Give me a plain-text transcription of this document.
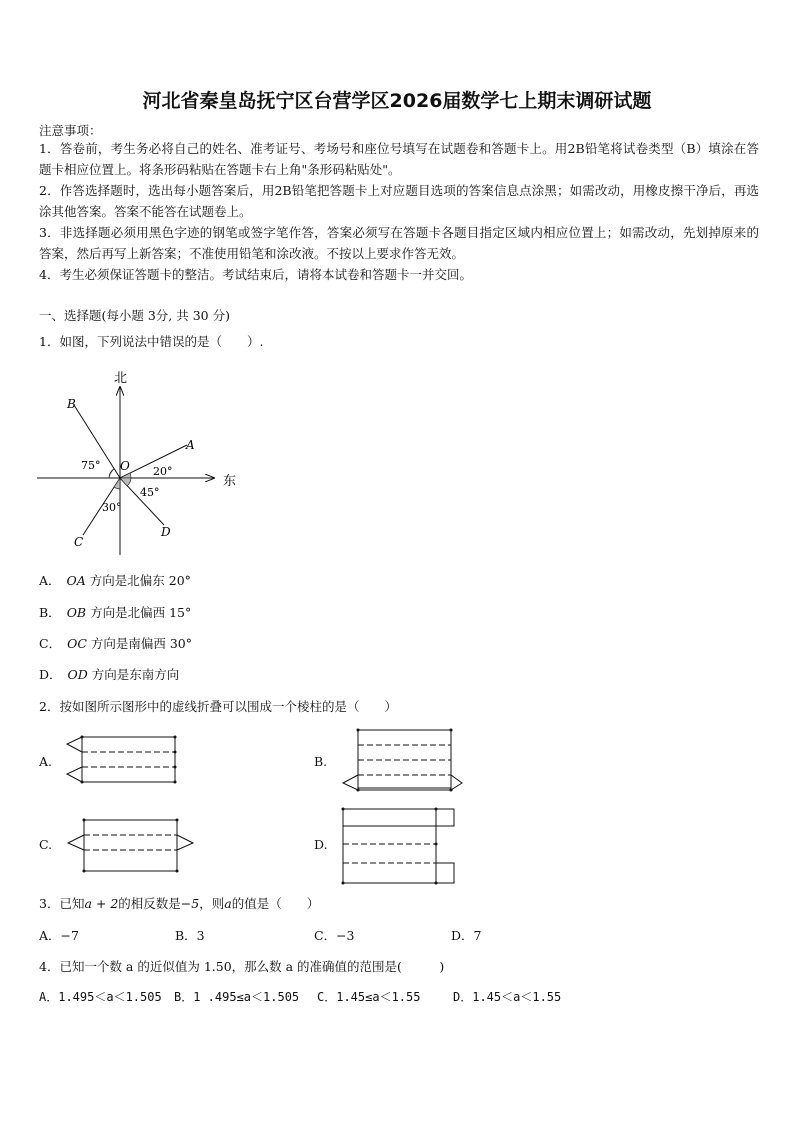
河北省秦皇岛抚宁区台营学区2026届数学七上期末调研试题
注意事项：
1．答卷前，考生务必将自己的姓名、准考证号、考场号和座位号填写在试题卷和答题卡上。用2B铅笔将试卷类型（B）填涂在答题卡相应位置上。将条形码粘贴在答题卡右上角"条形码粘贴处"。
2．作答选择题时，选出每小题答案后，用2B铅笔把答题卡上对应题目选项的答案信息点涂黑；如需改动，用橡皮擦干净后，再选涂其他答案。答案不能答在试题卷上。
3．非选择题必须用黑色字迹的钢笔或签字笔作答，答案必须写在答题卡各题目指定区域内相应位置上；如需改动，先划掉原来的答案，然后再写上新答案；不准使用铅笔和涂改液。不按以上要求作答无效。
4．考生必须保证答题卡的整洁。考试结束后，请将本试卷和答题卡一并交回。
一、选择题(每小题 3分, 共 30 分)
1．如图，下列说法中错误的是（　　）.
北
东
O
A
B
C
D
75°	20°
45°
30°
A． OA 方向是北偏东 20°
B． OB 方向是北偏西 15°
C． OC 方向是南偏西 30°
D． OD 方向是东南方向
2．按如图所示图形中的虚线折叠可以围成一个棱柱的是（　　）
A.	B.
C.	D.
3．已知a + 2的相反数是−5，则a的值是（　　）
A．−7	B．3	C．−3	D．7
4．已知一个数 a 的近似值为 1.50，那么数 a 的准确值的范围是(　　　)
A．1.495＜a＜1.505 B．1 .495≤a＜1.505 C．1.45≤a＜1.55	D．1.45＜a＜1.55
